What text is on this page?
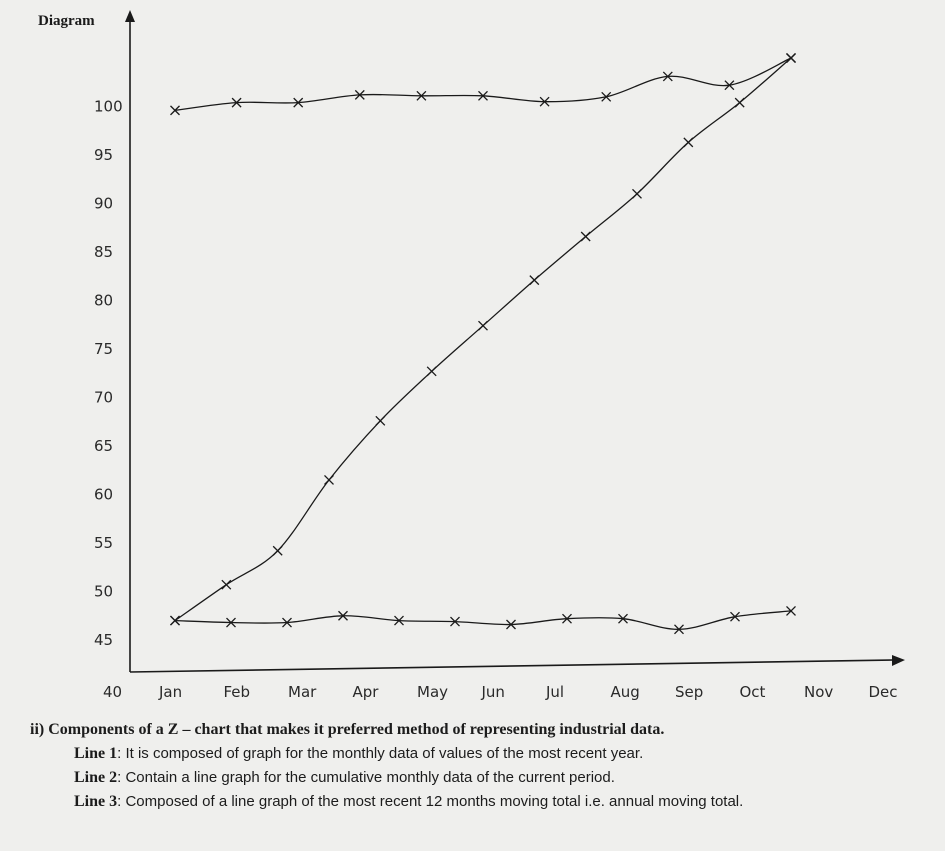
Diagram
40
45
50
55
60
65
70
75
80
85
90
95
100
Jan	Feb	Mar Apr	May Jun	Jul	Aug Sep Oct	Nov Dec
ii) Components of a Z – chart that makes it preferred method of representing industrial data.
Line 1: It is composed of graph for the monthly data of values of the most recent year.
Line 2: Contain a line graph for the cumulative monthly data of the current period.
Line 3: Composed of a line graph of the most recent 12 months moving total i.e. annual moving total.
